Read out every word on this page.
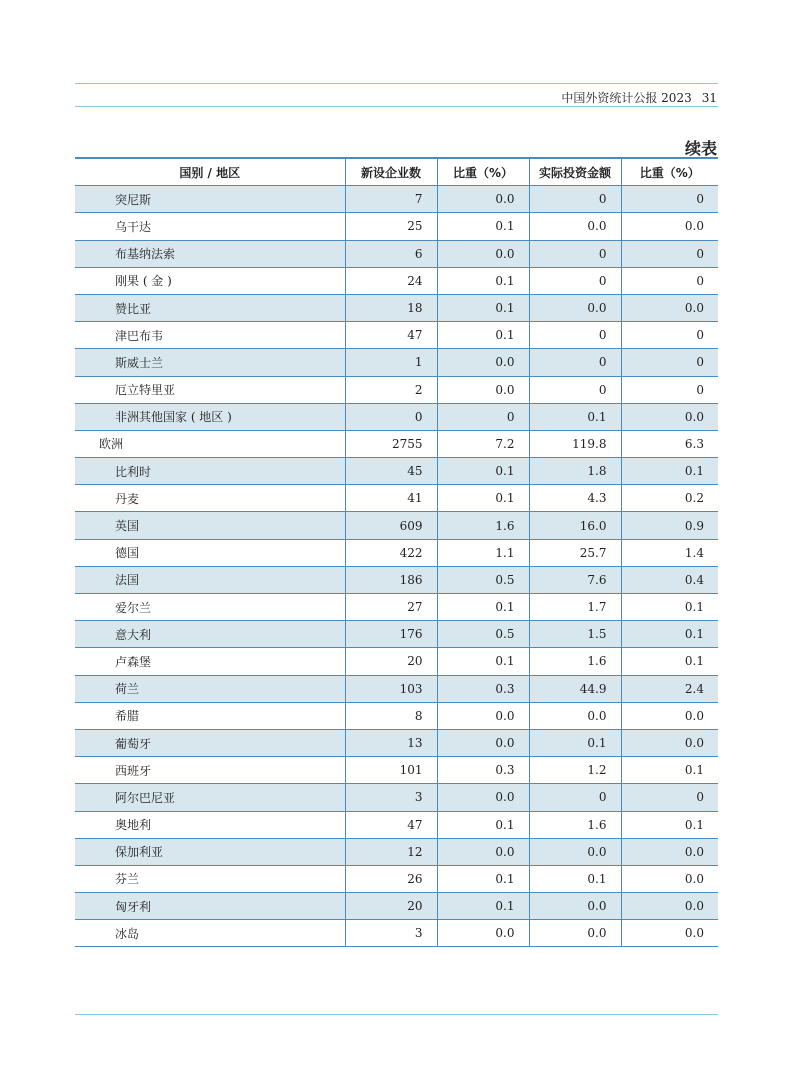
中国外资统计公报 2023 31
续表
国别 / 地区	新设企业数	比重（%）	实际投资金额	比重（%）
突尼斯	7	0.0	0	0
乌干达	25	0.1	0.0	0.0
布基纳法索	6	0.0	0	0
刚果 ( 金 )	24	0.1	0	0
赞比亚	18	0.1	0.0	0.0
津巴布韦	47	0.1	0	0
斯威士兰	1	0.0	0	0
厄立特里亚	2	0.0	0	0
非洲其他国家 ( 地区 )	0	0	0.1	0.0
欧洲	2755	7.2	119.8	6.3
比利时	45	0.1	1.8	0.1
丹麦	41	0.1	4.3	0.2
英国	609	1.6	16.0	0.9
德国	422	1.1	25.7	1.4
法国	186	0.5	7.6	0.4
爱尔兰	27	0.1	1.7	0.1
意大利	176	0.5	1.5	0.1
卢森堡	20	0.1	1.6	0.1
荷兰	103	0.3	44.9	2.4
希腊	8	0.0	0.0	0.0
葡萄牙	13	0.0	0.1	0.0
西班牙	101	0.3	1.2	0.1
阿尔巴尼亚	3	0.0	0	0
奥地利	47	0.1	1.6	0.1
保加利亚	12	0.0	0.0	0.0
芬兰	26	0.1	0.1	0.0
匈牙利	20	0.1	0.0	0.0
冰岛	3	0.0	0.0	0.0
